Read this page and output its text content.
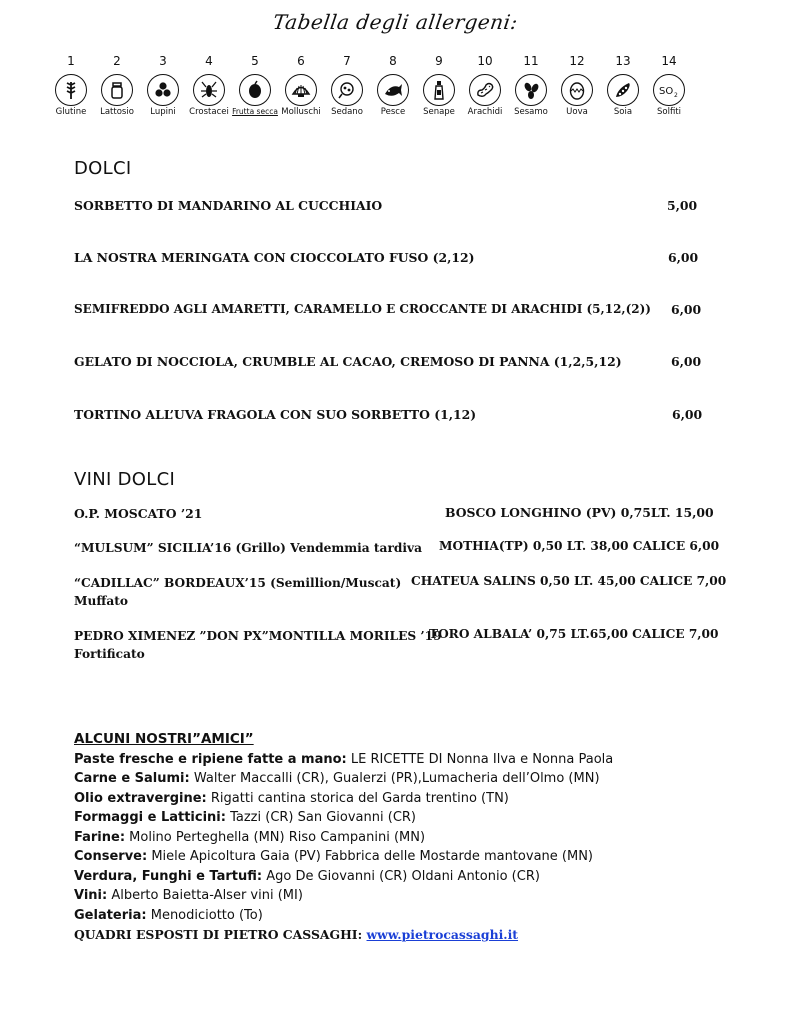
Tabella degli allergeni:
1
Glutine
2
Lattosio
3
Lupini
4
Crostacei
5
Frutta secca
6
Molluschi
7
Sedano
8
Pesce
9
Senape
10
Arachidi
11
Sesamo
12
Uova
13
Soia
14
SO 2
Solfiti
DOLCI
SORBETTO DI MANDARINO AL CUCCHIAIO	5,00
LA NOSTRA MERINGATA CON CIOCCOLATO FUSO (2,12)	6,00
SEMIFREDDO AGLI AMARETTI, CARAMELLO E CROCCANTE DI ARACHIDI (5,12,(2)) 6,00
GELATO DI NOCCIOLA, CRUMBLE AL CACAO, CREMOSO DI PANNA (1,2,5,12)	6,00
TORTINO ALL’UVA FRAGOLA CON SUO SORBETTO (1,12)	6,00
VINI DOLCI
O.P. MOSCATO ’21	BOSCO LONGHINO (PV) 0,75LT. 15,00
“MULSUM” SICILIA’16 (Grillo) Vendemmia tardiva MOTHIA(TP) 0,50 LT. 38,00 CALICE 6,00
“CADILLAC” BORDEAUX’15 (Semillion/Muscat)
Muffato
CHATEUA SALINS 0,50 LT. 45,00 CALICE 7,00
PEDRO XIMENEZ ”DON PX”MONTILLA MORILES ’19
Fortificato
TORO ALBALA’ 0,75 LT.65,00 CALICE 7,00
ALCUNI NOSTRI”AMICI”
Paste fresche e ripiene fatte a mano: LE RICETTE DI Nonna Ilva e Nonna Paola
Carne e Salumi: Walter Maccalli (CR), Gualerzi (PR),Lumacheria dell’Olmo (MN)
Olio extravergine: Rigatti cantina storica del Garda trentino (TN)
Formaggi e Latticini: Tazzi (CR) San Giovanni (CR)
Farine: Molino Perteghella (MN) Riso Campanini (MN)
Conserve: Miele Apicoltura Gaia (PV) Fabbrica delle Mostarde mantovane (MN)
Verdura, Funghi e Tartufi: Ago De Giovanni (CR) Oldani Antonio (CR)
Vini: Alberto Baietta-Alser vini (MI)
Gelateria: Menodiciotto (To)
QUADRI ESPOSTI DI PIETRO CASSAGHI: www.pietrocassaghi.it
